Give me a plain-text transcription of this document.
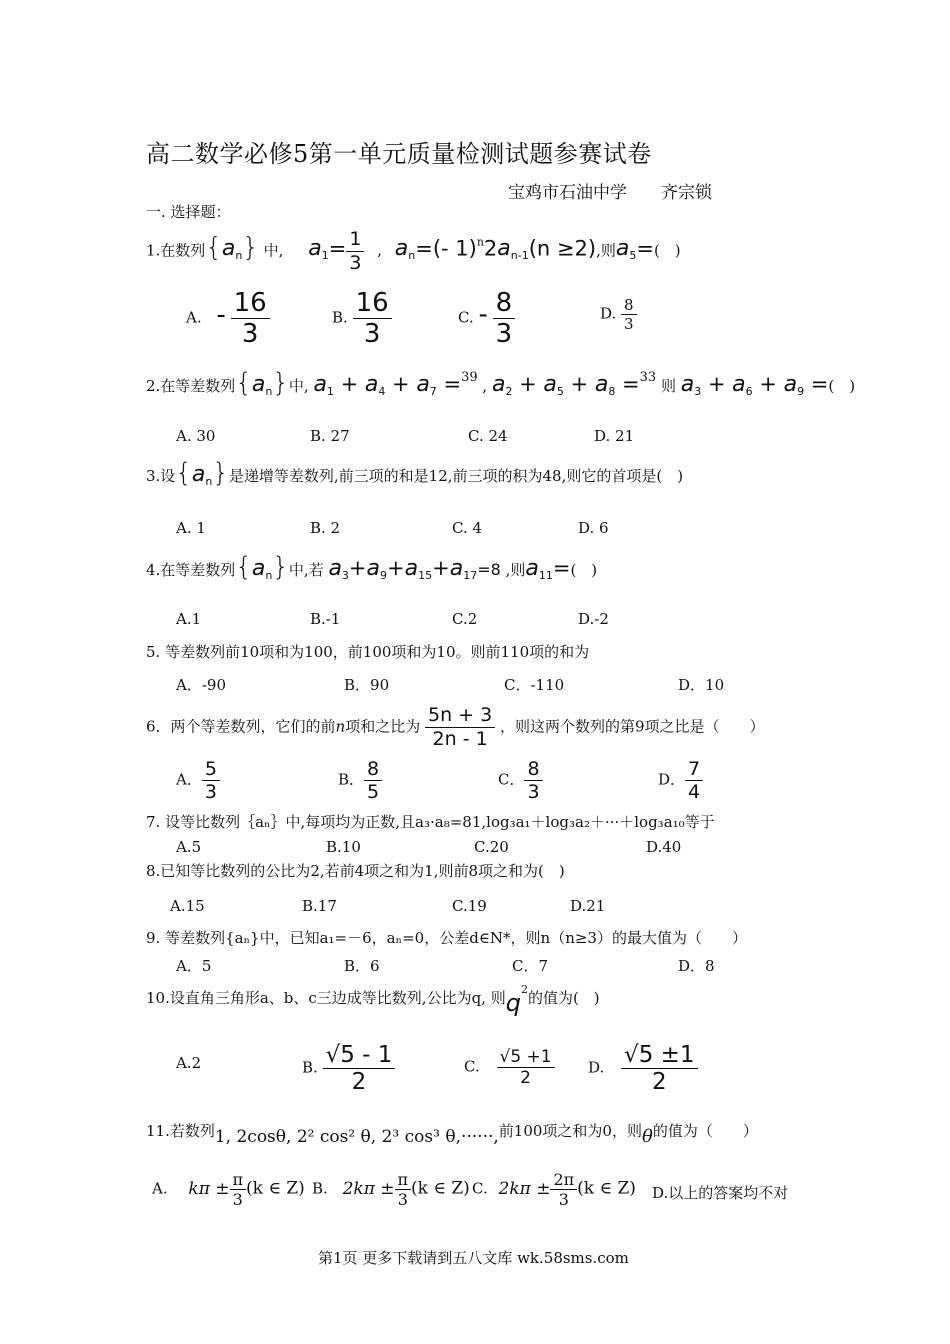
高二数学必修5第一单元质量检测试题参赛试卷
宝鸡市石油中学　　齐宗锁
一. 选择题：
1.在数列$\{a_n\}$ 中, $a_1= \frac{1}{3}$ , $a_n=(-$ $1)^n2a_{n-1}(n \ge 2)$,则$a_5=$(　)
A. - $\frac{16}{3}$	B. $\frac{16}{3}$	C. - $\frac{8}{3}$	D. $\frac{8}{3}$
2.在等差数列$\{a_n\}$中, $a_1 + a_4 + a_7 =39$ , $a_2 + a_5 + a_8 =33$ 则 $a_3 + a_6 + a_9$ =(　)
A. 30	B. 27	C. 24	D. 21
3.设$\{a_n\}$是递增等差数列,前三项的和是12,前三项的积为48,则它的首项是(　)
A. 1	B. 2	C. 4	D. 6
4.在等差数列$\{a_n\}$中,若 $a_3+a_9+a_{15}+a_{17}=8$ ,则$a_{11}=$(　)
A.1	B.-1	C.2	D.-2
5. 等差数列前10项和为100，前100项和为10。则前110项的和为
A．-90	B．90	C．-110	D．10
6．两个等差数列，它们的前n项和之比为 $\frac{5n + 3}{2n - 1}$ ，则这两个数列的第9项之比是（　　）
A． $\frac{5}{3}$	B． $\frac{8}{5}$	C． $\frac{8}{3}$	D． $\frac{7}{4}$
7. 设等比数列｛aₙ｝中,每项均为正数,且a₃·a₈=81,log₃a₁＋log₃a₂＋···＋log₃a₁₀等于
A.5	B.10	C.20	D.40
8.已知等比数列的公比为2,若前4项之和为1,则前8项之和为(　)
A.15	B.17	C.19	D.21
9. 等差数列{aₙ}中，已知a₁=－6，aₙ=0，公差d∈N*，则n（n≥3）的最大值为（　　）
A．5	B．6	C．7	D．8
10.设直角三角形a、b、c三边成等比数列,公比为q, 则$q^2$的值为(　)
A.2	B. $\frac{√5 - 1}{2}$	C. $\frac{√5 +1}{2} D$. $\frac{√5 \pm 1}{2}$
11.若数列1, 2cosθ, 2² cos² θ, 2³ cos³ θ,······,前100项之和为0，则θ的值为（　　）
A. $k\pi \pm \frac{\pi}{3} (k$ ∈ Z) B. $2k\pi \pm \frac{\pi}{3} (k$ ∈ Z) C. $2k\pi \pm \frac{2\pi}{3} (k$ ∈ Z) D.以上的答案均不对
第1页 更多下载请到五八文库 wk.58sms.com
